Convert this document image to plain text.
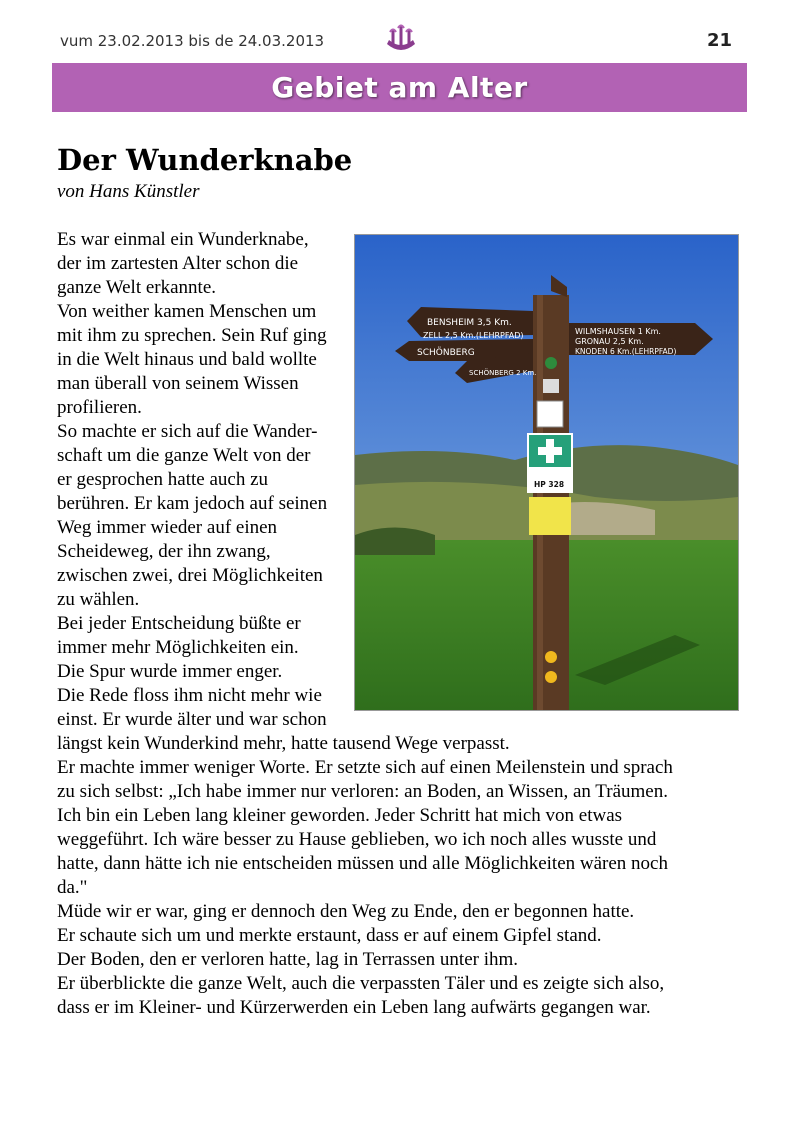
vum 23.02.2013 bis de 24.03.2013	21
Gebiet am Alter
Der Wunderknabe
von Hans Künstler

Es war einmal ein Wunderknabe,
der im zartesten Alter schon die
ganze Welt erkannte.
Von weither kamen Menschen um
mit ihm zu sprechen. Sein Ruf ging
in die Welt hinaus und bald wollte
man überall von seinem Wissen
profilieren.
So machte er sich auf die Wander-
schaft um die ganze Welt von der
er gesprochen hatte auch zu
berühren. Er kam jedoch auf seinen
Weg immer wieder auf einen
Scheideweg, der ihn zwang,
zwischen zwei, drei Möglichkeiten
zu wählen.
Bei jeder Entscheidung büßte er
immer mehr Möglichkeiten ein.
Die Spur wurde immer enger.
Die Rede floss ihm nicht mehr wie
einst. Er wurde älter und war schon
längst kein Wunderkind mehr, hatte tausend Wege verpasst.
Er machte immer weniger Worte. Er setzte sich auf einen Meilenstein und sprach
zu sich selbst: „Ich habe immer nur verloren: an Boden, an Wissen, an Träumen.
Ich bin ein Leben lang kleiner geworden. Jeder Schritt hat mich von etwas
weggeführt. Ich wäre besser zu Hause geblieben, wo ich noch alles wusste und
hatte, dann hätte ich nie entscheiden müssen und alle Möglichkeiten wären noch
da."
Müde wir er war, ging er dennoch den Weg zu Ende, den er begonnen hatte.
Er schaute sich um und merkte erstaunt, dass er auf einem Gipfel stand.
Der Boden, den er verloren hatte, lag in Terrassen unter ihm.
Er überblickte die ganze Welt, auch die verpassten Täler und es zeigte sich also,
dass er im Kleiner- und Kürzerwerden ein Leben lang aufwärts gegangen war.

BENSHEIM 3,5 Km.
ZELL 2,5 Km.(LEHRPFAD)
SCHÖNBERG
SCHÖNBERG 2 Km.
WILMSHAUSEN 1 Km.
GRONAU 2,5 Km.
KNODEN 6 Km.(LEHRPFAD)
HP 328
